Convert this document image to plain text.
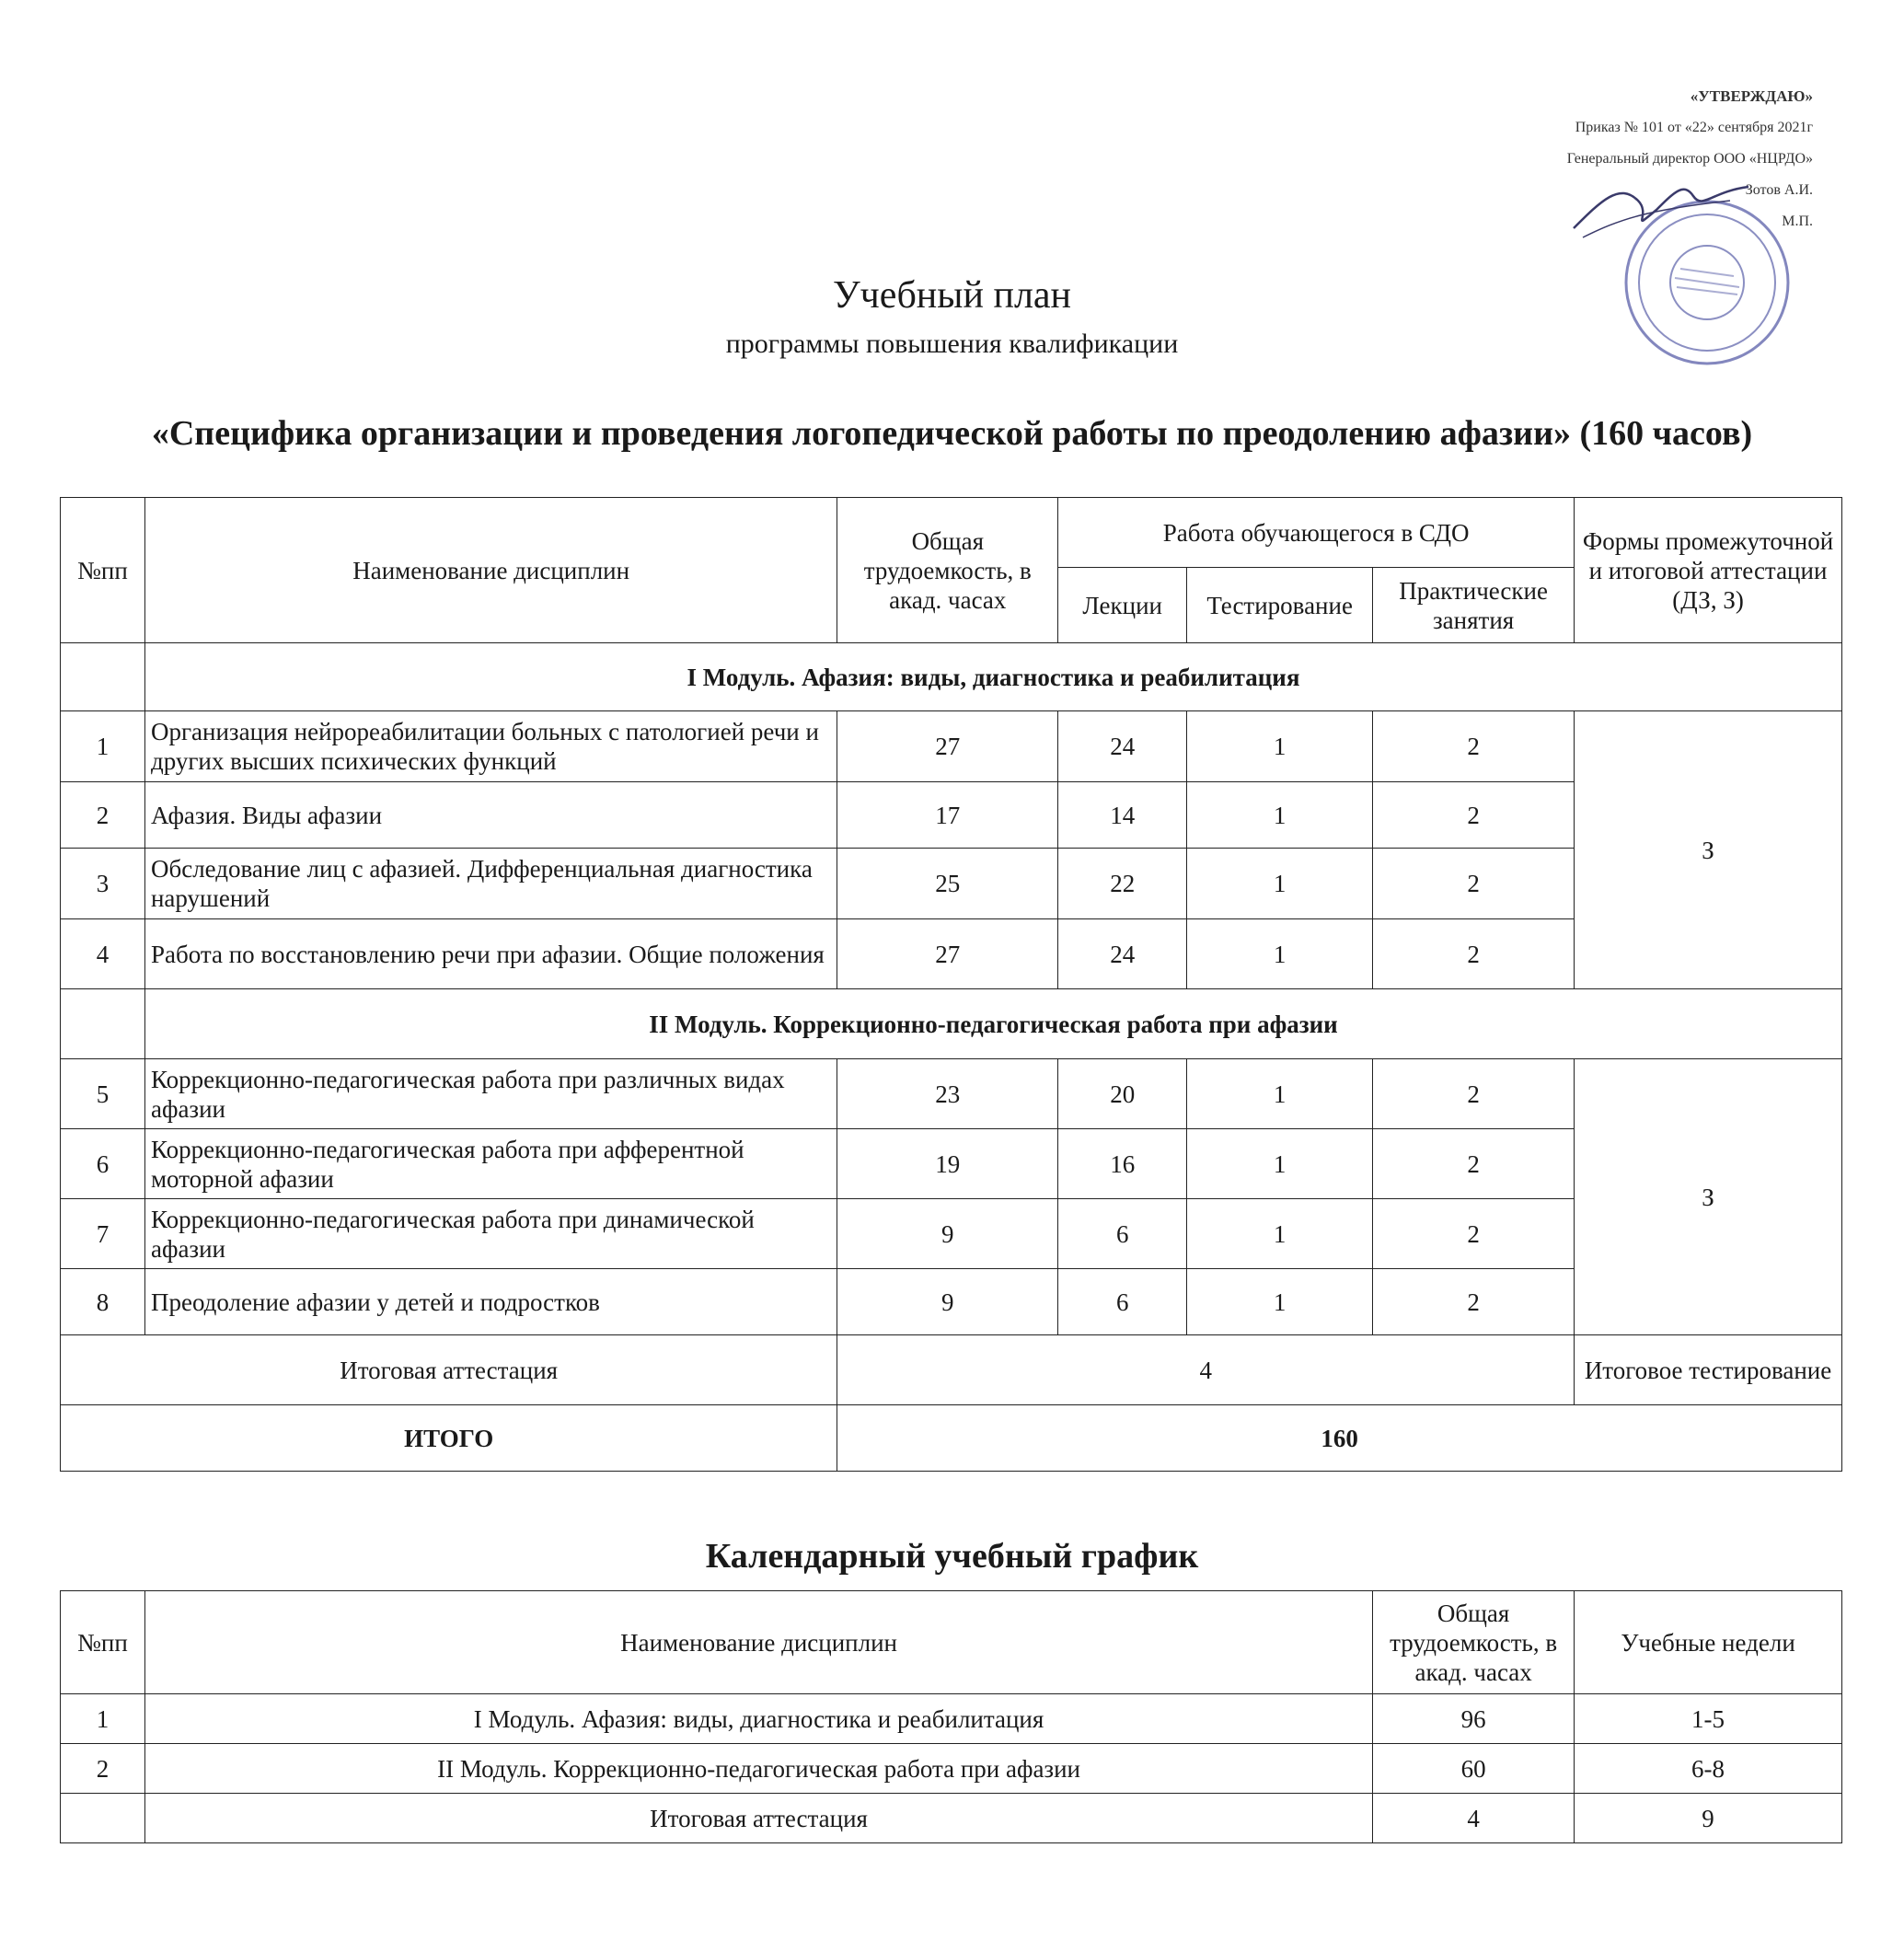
«УТВЕРЖДАЮ»
Приказ № 101 от «22» сентября 2021г
Генеральный директор ООО «НЦРДО»
Зотов А.И.
М.П.
Учебный план
программы повышения квалификации
«Специфика организации и проведения логопедической работы по преодолению афазии» (160 часов)
№пп	Наименование дисциплин	Общая трудоемкость, в акад. часах	Работа обучающегося в СДО			Формы промежуточной и итоговой аттестации (ДЗ, З)
			Лекции	Тестирование	Практические занятия	
	I Модуль. Афазия: виды, диагностика и реабилитация					
1	Организация нейрореабилитации больных с патологией речи и других высших психических функций	27	24	1	2	З
2	Афазия. Виды афазии	17	14	1	2	
3	Обследование лиц с афазией. Дифференциальная диагностика нарушений	25	22	1	2	
4	Работа по восстановлению речи при афазии. Общие положения	27	24	1	2	
	II Модуль. Коррекционно-педагогическая работа при афазии					
5	Коррекционно-педагогическая работа при различных видах афазии	23	20	1	2	З
6	Коррекционно-педагогическая работа при афферентной моторной афазии	19	16	1	2	
7	Коррекционно-педагогическая работа при динамической афазии	9	6	1	2	
8	Преодоление афазии у детей и подростков	9	6	1	2	
Итоговая аттестация		4				Итоговое тестирование
ИТОГО		160				
Календарный учебный график
№пп	Наименование дисциплин	Общая трудоемкость, в акад. часах	Учебные недели
1	I Модуль. Афазия: виды, диагностика и реабилитация	96	1-5
2	II Модуль. Коррекционно-педагогическая работа при афазии	60	6-8
	Итоговая аттестация	4	9
